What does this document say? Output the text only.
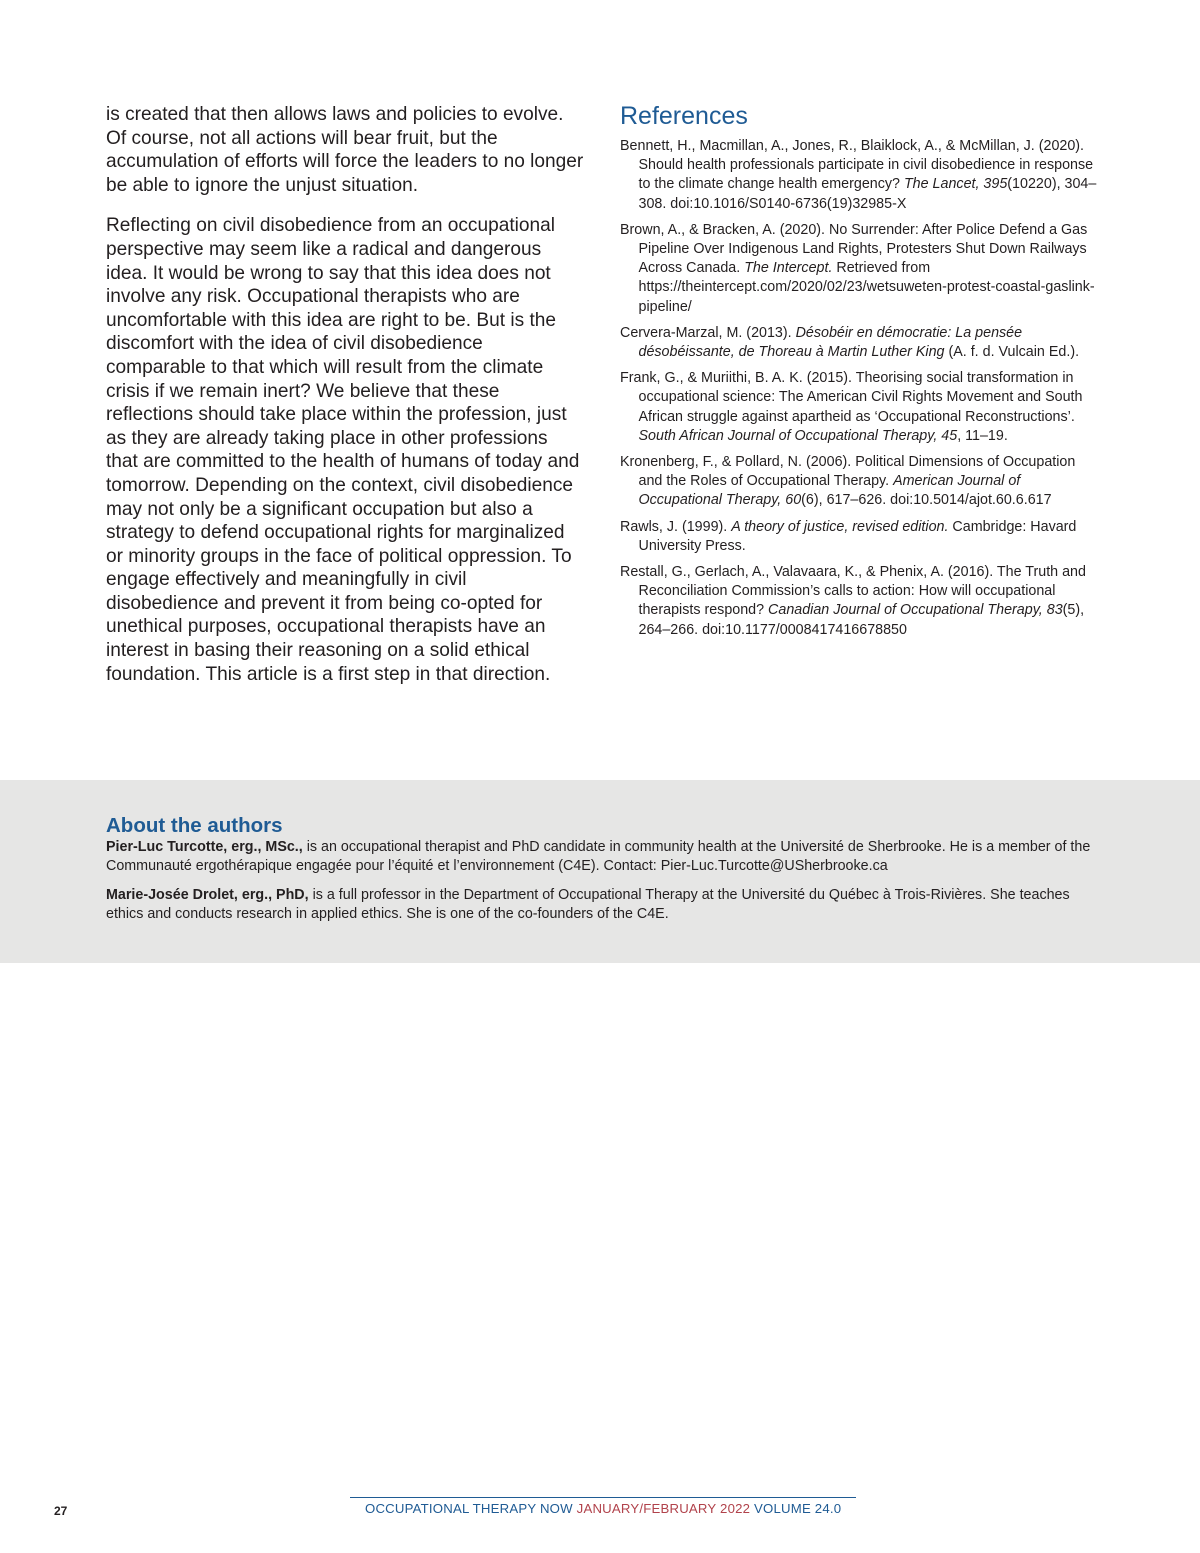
is created that then allows laws and policies to evolve. Of course, not all actions will bear fruit, but the accumulation of efforts will force the leaders to no longer be able to ignore the unjust situation.

Reflecting on civil disobedience from an occupational perspective may seem like a radical and dangerous idea. It would be wrong to say that this idea does not involve any risk. Occupational therapists who are uncomfortable with this idea are right to be. But is the discomfort with the idea of civil disobedience comparable to that which will result from the climate crisis if we remain inert? We believe that these reflections should take place within the profession, just as they are already taking place in other professions that are committed to the health of humans of today and tomorrow. Depending on the context, civil disobedience may not only be a significant occupation but also a strategy to defend occupational rights for marginalized or minority groups in the face of political oppression. To engage effectively and meaningfully in civil disobedience and prevent it from being co-opted for unethical purposes, occupational therapists have an interest in basing their reasoning on a solid ethical foundation. This article is a first step in that direction.

References

Bennett, H., Macmillan, A., Jones, R., Blaiklock, A., & McMillan, J. (2020). Should health professionals participate in civil disobedience in response to the climate change health emergency? The Lancet, 395(10220), 304–308. doi:10.1016/S0140-6736(19)32985-X

Brown, A., & Bracken, A. (2020). No Surrender: After Police Defend a Gas Pipeline Over Indigenous Land Rights, Protesters Shut Down Railways Across Canada. The Intercept. Retrieved from https://theintercept.com/2020/02/23/wetsuweten-protest-coastal-gaslink-pipeline/

Cervera-Marzal, M. (2013). Désobéir en démocratie: La pensée désobéissante, de Thoreau à Martin Luther King (A. f. d. Vulcain Ed.).

Frank, G., & Muriithi, B. A. K. (2015). Theorising social transformation in occupational science: The American Civil Rights Movement and South African struggle against apartheid as ‘Occupational Reconstructions’. South African Journal of Occupational Therapy, 45, 11–19.

Kronenberg, F., & Pollard, N. (2006). Political Dimensions of Occupation and the Roles of Occupational Therapy. American Journal of Occupational Therapy, 60(6), 617–626. doi:10.5014/ajot.60.6.617

Rawls, J. (1999). A theory of justice, revised edition. Cambridge: Havard University Press.

Restall, G., Gerlach, A., Valavaara, K., & Phenix, A. (2016). The Truth and Reconciliation Commission’s calls to action: How will occupational therapists respond? Canadian Journal of Occupational Therapy, 83(5), 264–266. doi:10.1177/0008417416678850

About the authors

Pier-Luc Turcotte, erg., MSc., is an occupational therapist and PhD candidate in community health at the Université de Sherbrooke. He is a member of the Communauté ergothérapique engagée pour l’équité et l’environnement (C4E). Contact: Pier-Luc.Turcotte@USherbrooke.ca

Marie-Josée Drolet, erg., PhD, is a full professor in the Department of Occupational Therapy at the Université du Québec à Trois-Rivières. She teaches ethics and conducts research in applied ethics. She is one of the co-founders of the C4E.

27	OCCUPATIONAL THERAPY NOW JANUARY/FEBRUARY 2022 VOLUME 24.0
